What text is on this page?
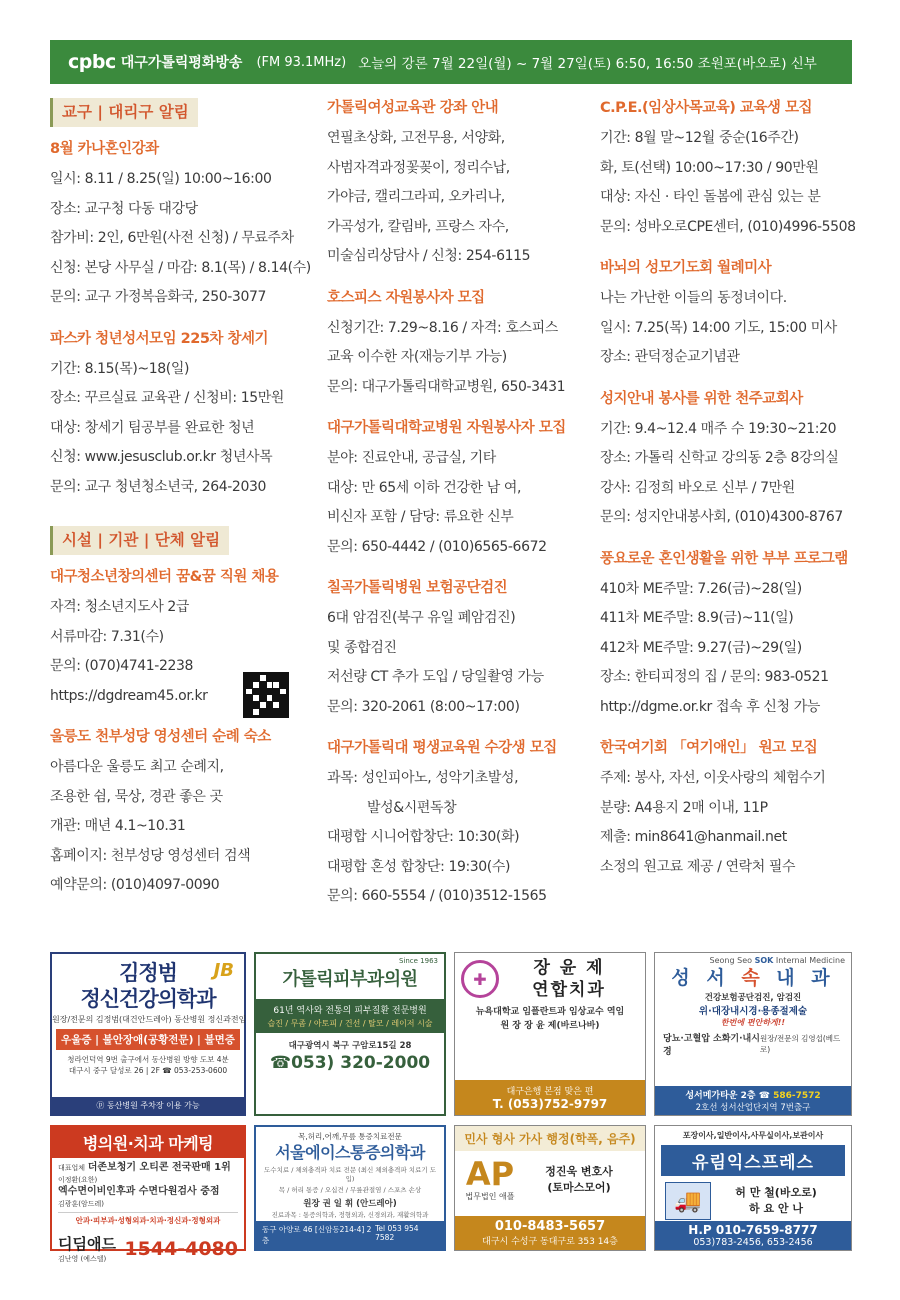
cpbc 대구가톨릭평화방송 (FM 93.1MHz) 오늘의 강론 7월 22일(월) ~ 7월 27일(토) 6:50, 16:50 조원포(바오로) 신부
교구 | 대리구 알림
8월 카나혼인강좌
일시: 8.11 / 8.25(일) 10:00~16:00
장소: 교구청 다동 대강당
참가비: 2인, 6만원(사전 신청) / 무료주차
신청: 본당 사무실 / 마감: 8.1(목) / 8.14(수)
문의: 교구 가정복음화국, 250-3077
파스카 청년성서모임 225차 창세기
기간: 8.15(목)~18(일)
장소: 꾸르실료 교육관 / 신청비: 15만원
대상: 창세기 팀공부를 완료한 청년
신청: www.jesusclub.or.kr 청년사목
문의: 교구 청년청소년국, 264-2030
시설 | 기관 | 단체 알림
대구청소년창의센터 꿈&꿈 직원 채용
자격: 청소년지도사 2급
서류마감: 7.31(수)
문의: (070)4741-2238
https://dgdream45.or.kr
울릉도 천부성당 영성센터 순례 숙소
아름다운 울릉도 최고 순례지,
조용한 쉼, 묵상, 경관 좋은 곳
개관: 매년 4.1~10.31
홈페이지: 천부성당 영성센터 검색
예약문의: (010)4097-0090
가톨릭여성교육관 강좌 안내
연필초상화, 고전무용, 서양화,
사범자격과정꽃꽂이, 정리수납,
가야금, 캘리그라피, 오카리나,
가곡성가, 칼림바, 프랑스 자수,
미술심리상담사 / 신청: 254-6115
호스피스 자원봉사자 모집
신청기간: 7.29~8.16 / 자격: 호스피스
교육 이수한 자(재능기부 가능)
문의: 대구가톨릭대학교병원, 650-3431
대구가톨릭대학교병원 자원봉사자 모집
분야: 진료안내, 공급실, 기타
대상: 만 65세 이하 건강한 남 여,
비신자 포함 / 담당: 류요한 신부
문의: 650-4442 / (010)6565-6672
칠곡가톨릭병원 보험공단검진
6대 암검진(북구 유일 폐암검진)
및 종합검진
저선량 CT 추가 도입 / 당일촬영 가능
문의: 320-2061 (8:00~17:00)
대구가톨릭대 평생교육원 수강생 모집
과목: 성인피아노, 성악기초발성,
발성&시편독창
대평합 시니어합창단: 10:30(화)
대평합 혼성 합창단: 19:30(수)
문의: 660-5554 / (010)3512-1565
C.P.E.(임상사목교육) 교육생 모집
기간: 8월 말~12월 중순(16주간)
화, 토(선택) 10:00~17:30 / 90만원
대상: 자신 · 타인 돌봄에 관심 있는 분
문의: 성바오로CPE센터, (010)4996-5508
바뇌의 성모기도회 월례미사
나는 가난한 이들의 동정녀이다.
일시: 7.25(목) 14:00 기도, 15:00 미사
장소: 관덕정순교기념관
성지안내 봉사를 위한 천주교회사
기간: 9.4~12.4 매주 수 19:30~21:20
장소: 가톨릭 신학교 강의동 2층 8강의실
강사: 김정희 바오로 신부 / 7만원
문의: 성지안내봉사회, (010)4300-8767
풍요로운 혼인생활을 위한 부부 프로그램
410차 ME주말: 7.26(금)~28(일)
411차 ME주말: 8.9(금)~11(일)
412차 ME주말: 9.27(금)~29(일)
장소: 한티피정의 집 / 문의: 983-0521
http://dgme.or.kr 접속 후 신청 가능
한국여기회 「여기애인」 원고 모집
주제: 봉사, 자선, 이웃사랑의 체험수기
분량: A4용지 2매 이내, 11P
제출: min8641@hanmail.net
소정의 원고료 제공 / 연락처 필수
JB
김정범
정신건강의학과
원장/전문의 김정범(대건안드레아) 동산병원 정신과전임
우울증 | 불안장애(공황전문) | 불면증
청라언덕역 9번 출구에서 동산병원 방향 도보 4분
대구시 중구 달성로 26 | 2F ☎ 053-253-0600
ⓟ 동산병원 주차장 이용 가능
Since 1963
가톨릭피부과의원
61년 역사와 전통의 피부질환 전문병원
습진 / 무좀 / 아토피 / 건선 / 탈모 / 레이저 시술
대구광역시 북구 구암로15길 28
☎053) 320-2000
✚
장 윤 제
연합치과
뉴욕대학교 임플란트과 임상교수 역임
원 장 장 윤 제(바르나바)
대구은행 본점 맞은 편
T. (053)752-9797
Seong Seo SOK Internal Medicine
성 서 속 내 과
건강보험공단검진, 암검진
위·대장내시경·용종절제술
한번에 편안하게!!
당뇨·고혈압 소화기·내시경
원장/전문의 김영섭(베드로)
성서메가타운 2층 ☎ 586-7572
2호선 성서산업단지역 7번출구
병의원·치과 마케팅
대표업체 더존보청기 오티콘 전국판매 1위
이정환(요한)
엑수면이비인후과 수면다원검사 중점
김광훈(암드레)
안과·피부과·성형외과·치과·정신과·정형외과
디딤애드
김난영 (예스델) 1544-4080
목,허리,어깨,무릎 통증치료전문
서울에이스통증의학과
도수치료 / 체외충격파 치료 전문 (최신 체외충격파 치료기 도입)
목 / 허리 통증 / 오십견 / 무릎관절염 / 스포츠 손상
원장 권 일 휘 (안드레아)
진료과목 : 통증의학과, 정형외과, 신경외과, 재활의학과
동구 아양로 46 [신암동214-4] 2층
Tel 053 954 7582
민사 형사 가사 행정(학폭, 음주)
AP
법무법인 애플
정진욱 변호사
(토마스모어)
010-8483-5657
대구시 수성구 동대구로 353 14층
포장이사,일반이사,사무실이사,보관이사
유림익스프레스
🚚	허 만 철(바오로)
하 요 안 나
H.P 010-7659-8777
053)783-2456, 653-2456
